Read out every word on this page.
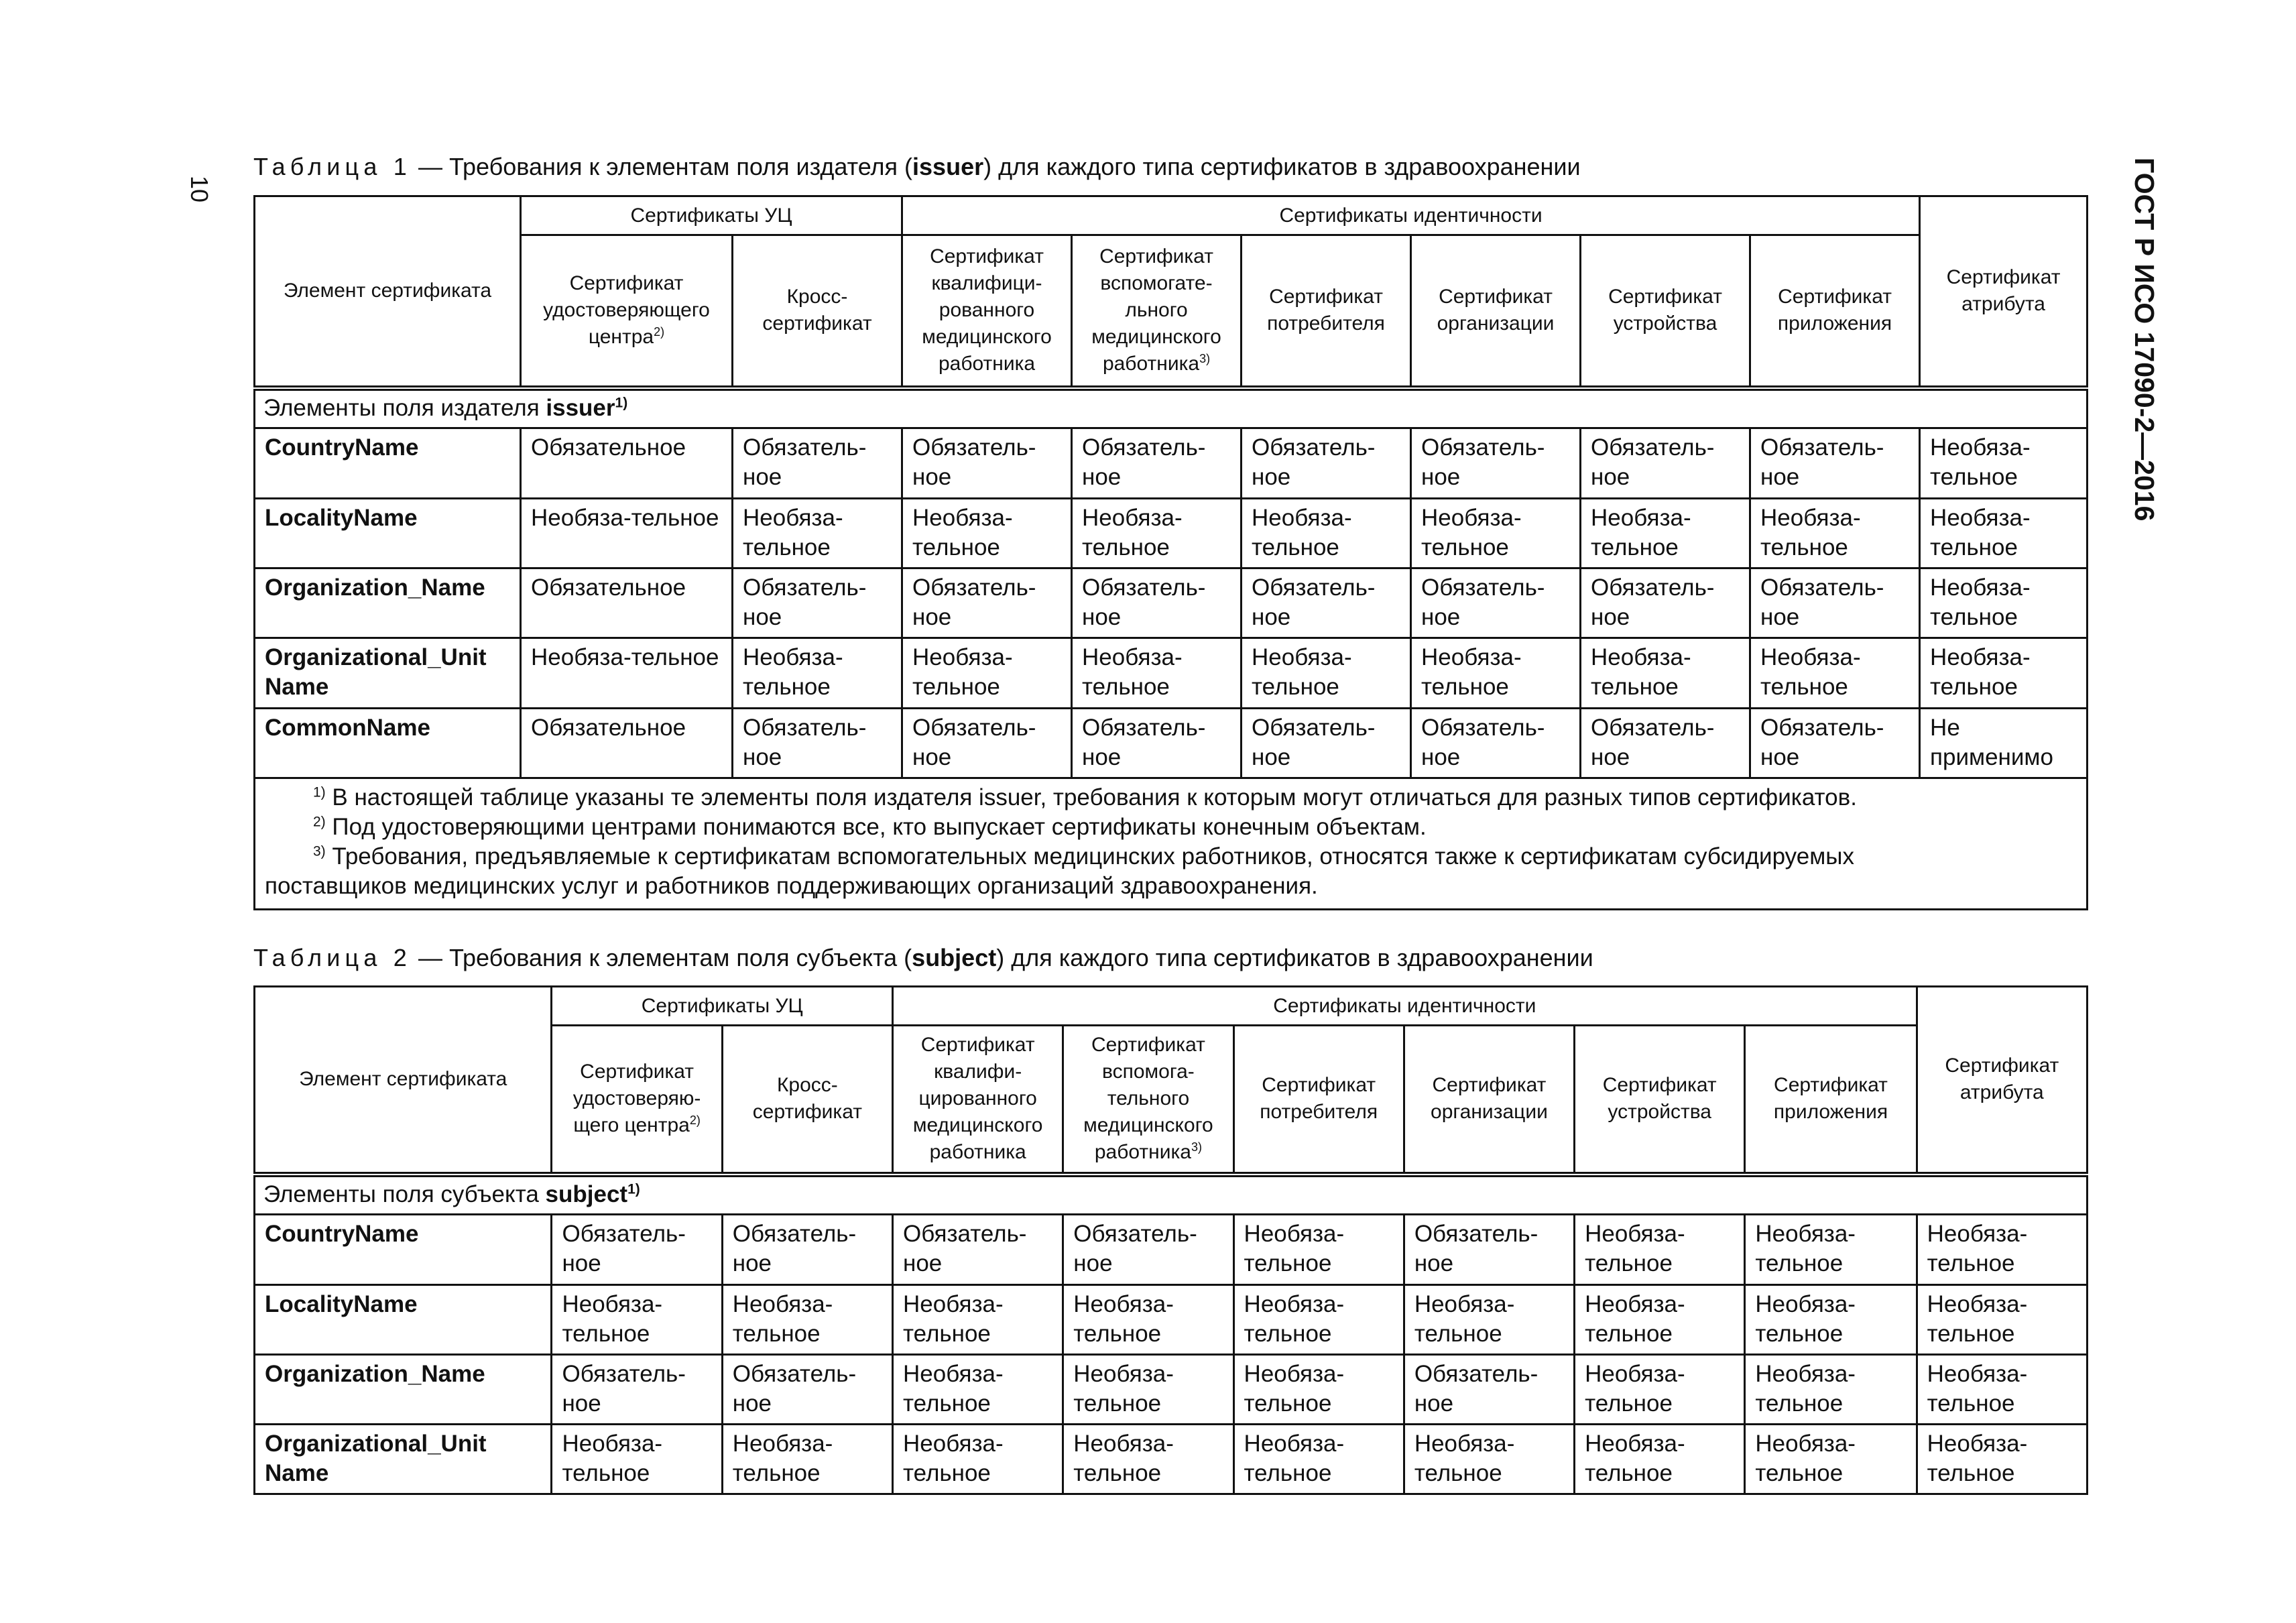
10	ГОСТ Р ИСО 17090-2—2016
Таблица 1 — Требования к элементам поля издателя (issuer) для каждого типа сертификатов в здравоохранении
Элемент сертификата	Сертификаты УЦ		Сертификаты идентичности						Сертификат атрибута
	Сертификат удостоверяющего центра$^{2)}$	Кросс-сертификат	Сертификат квалифици-рованного медицинского работника	Сертификат вспомогате-льного медицинского работника$^{3)}$	Сертификат потребителя	Сертификат организации	Сертификат устройства	Сертификат приложения	
Элементы поля издателя issuer$^{1)}$
CountryName	Обязательное	Обязатель-ное	Обязатель-ное	Обязатель-ное	Обязатель-ное	Обязатель-ное	Обязатель-ное	Обязатель-ное	Необяза-тельное
LocalityName	Необяза-тельное	Необяза-тельное	Необяза-тельное	Необяза-тельное	Необяза-тельное	Необяза-тельное	Необяза-тельное	Необяза-тельное	Необяза-тельное
Organization_Name	Обязательное	Обязатель-ное	Обязатель-ное	Обязатель-ное	Обязатель-ное	Обязатель-ное	Обязатель-ное	Обязатель-ное	Необяза-тельное
Organizational_Unit Name	Необяза-тельное	Необяза-тельное	Необяза-тельное	Необяза-тельное	Необяза-тельное	Необяза-тельное	Необяза-тельное	Необяза-тельное	Необяза-тельное
CommonName	Обязательное	Обязатель-ное	Обязатель-ное	Обязатель-ное	Обязатель-ное	Обязатель-ное	Обязатель-ное	Обязатель-ное	Не применимо

$^{1)}$ В настоящей таблице указаны те элементы поля издателя issuer, требования к которым могут отличаться для разных типов сертификатов.
$^{2)}$ Под удостоверяющими центрами понимаются все, кто выпускает сертификаты конечным объектам.
$^{3)}$ Требования, предъявляемые к сертификатам вспомогательных медицинских работников, относятся также к сертификатам субсидируемых
поставщиков медицинских услуг и работников поддерживающих организаций здравоохранения.									
Таблица 2 — Требования к элементам поля субъекта (subject) для каждого типа сертификатов в здравоохранении
Элемент сертификата	Сертификаты УЦ		Сертификаты идентичности						Сертификат атрибута
	Сертификат удостоверяю-щего центра$^{2)}$	Кросс-сертификат	Сертификат квалифи-цированного медицинского работника	Сертификат вспомога-тельного медицинского работника$^{3)}$	Сертификат потребителя	Сертификат организации	Сертификат устройства	Сертификат приложения	
Элементы поля субъекта subject$^{1)}$
CountryName	Обязатель-ное	Обязатель-ное	Обязатель-ное	Обязатель-ное	Необяза-тельное	Обязатель-ное	Необяза-тельное	Необяза-тельное	Необяза-тельное
LocalityName	Необяза-тельное	Необяза-тельное	Необяза-тельное	Необяза-тельное	Необяза-тельное	Необяза-тельное	Необяза-тельное	Необяза-тельное	Необяза-тельное
Organization_Name	Обязатель-ное	Обязатель-ное	Необяза-тельное	Необяза-тельное	Необяза-тельное	Обязатель-ное	Необяза-тельное	Необяза-тельное	Необяза-тельное
Organizational_Unit Name	Необяза-тельное	Необяза-тельное	Необяза-тельное	Необяза-тельное	Необяза-тельное	Необяза-тельное	Необяза-тельное	Необяза-тельное	Необяза-тельное
